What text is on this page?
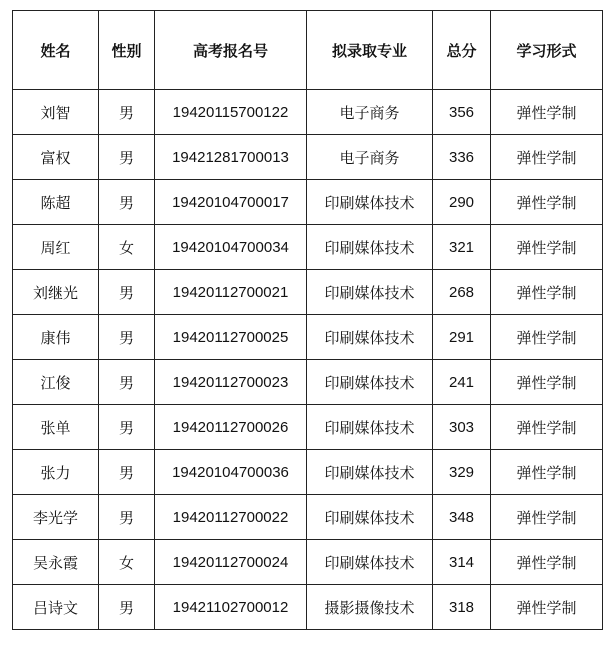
姓名	性别	高考报名号	拟录取专业	总分	学习形式
刘智	男	19420115700122	电子商务	356	弹性学制
富权	男	19421281700013	电子商务	336	弹性学制
陈超	男	19420104700017	印刷媒体技术	290	弹性学制
周红	女	19420104700034	印刷媒体技术	321	弹性学制
刘继光	男	19420112700021	印刷媒体技术	268	弹性学制
康伟	男	19420112700025	印刷媒体技术	291	弹性学制
江俊	男	19420112700023	印刷媒体技术	241	弹性学制
张单	男	19420112700026	印刷媒体技术	303	弹性学制
张力	男	19420104700036	印刷媒体技术	329	弹性学制
李光学	男	19420112700022	印刷媒体技术	348	弹性学制
吴永霞	女	19420112700024	印刷媒体技术	314	弹性学制
吕诗文	男	19421102700012	摄影摄像技术	318	弹性学制
